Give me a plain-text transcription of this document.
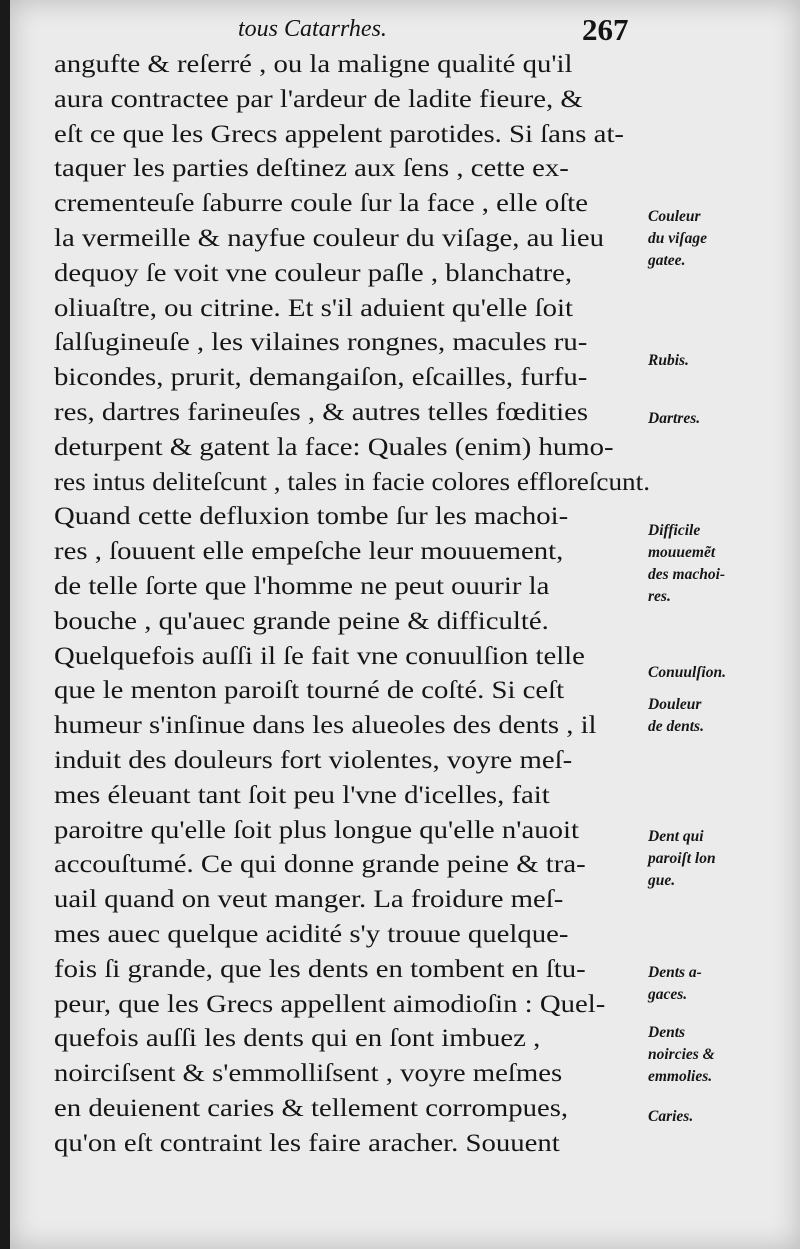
tous Catarrhes.	267
angufte & reſerré , ou la maligne qualité qu'il
aura contractee par l'ardeur de ladite fieure, &
eſt ce que les Grecs appelent parotides. Si ſans at-
taquer les parties deſtinez aux ſens , cette ex-
crementeuſe ſaburre coule ſur la face , elle oſte
la vermeille & nayfue couleur du viſage, au lieu
dequoy ſe voit vne couleur paſle , blanchatre,
oliuaſtre, ou citrine. Et s'il aduient qu'elle ſoit
ſalſugineuſe , les vilaines rongnes, macules ru-
bicondes, prurit, demangaiſon, eſcailles, furfu-
res, dartres farineuſes , & autres telles fœdities
deturpent & gatent la face: Quales (enim) humo-
res intus deliteſcunt , tales in facie colores effloreſcunt.
Quand cette defluxion tombe ſur les machoi-
res , ſouuent elle empeſche leur mouuement,
de telle ſorte que l'homme ne peut ouurir la
bouche , qu'auec grande peine & difficulté.
Quelquefois auſſi il ſe fait vne conuulſion telle
que le menton paroiſt tourné de coſté. Si ceſt
humeur s'inſinue dans les alueoles des dents , il
induit des douleurs fort violentes, voyre meſ-
mes éleuant tant ſoit peu l'vne d'icelles, fait
paroitre qu'elle ſoit plus longue qu'elle n'auoit
accouſtumé. Ce qui donne grande peine & tra-
uail quand on veut manger. La froidure meſ-
mes auec quelque acidité s'y trouue quelque-
fois ſi grande, que les dents en tombent en ſtu-
peur, que les Grecs appellent aimodioſin : Quel-
quefois auſſi les dents qui en ſont imbuez ,
noirciſsent & s'emmolliſsent , voyre meſmes
en deuienent caries & tellement corrompues,
qu'on eſt contraint les faire aracher. Souuent
Couleur
du viſage
gatee.
Rubis.
Dartres.
Difficile
mouuemẽt
des machoi-
res.
Conuulſion.
Douleur
de dents.
Dent qui
paroiſt lon
gue.
Dents a-
gaces.
Dents
noircies &
emmolies.
Caries.
